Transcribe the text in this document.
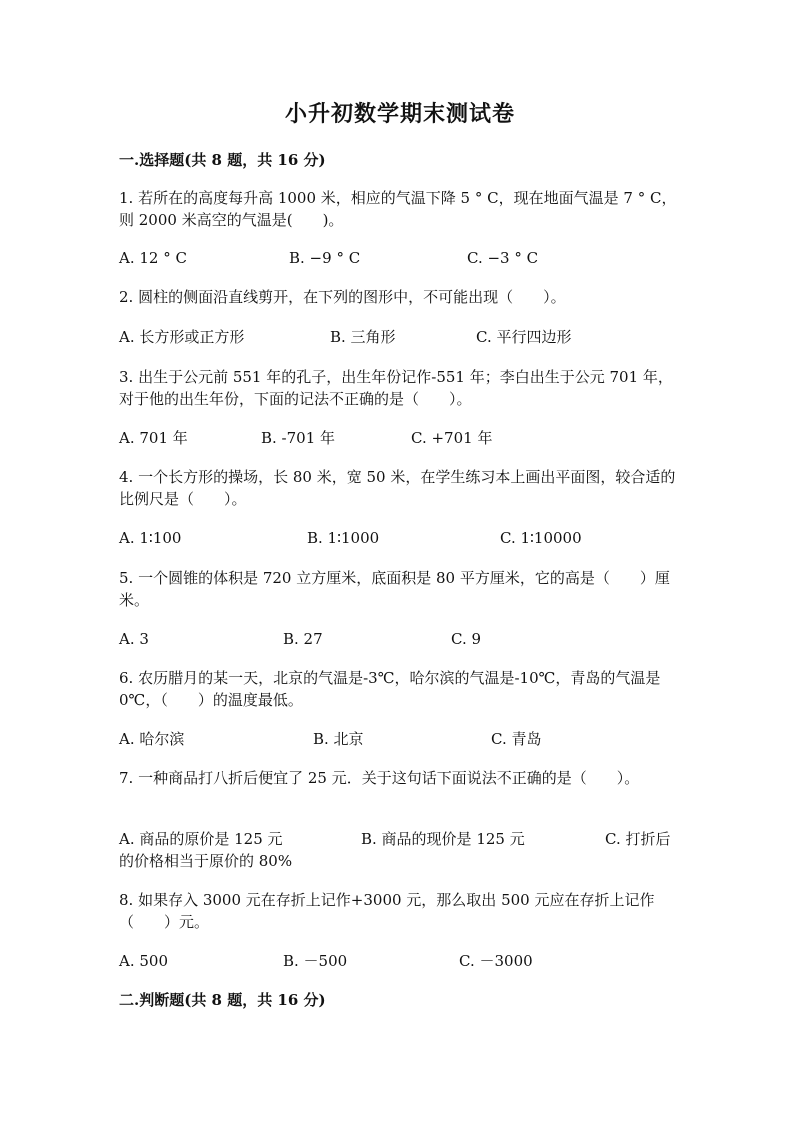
小升初数学期末测试卷
一.选择题(共 8 题，共 16 分)
1. 若所在的高度每升高 1000 米，相应的气温下降 5 ° C，现在地面气温是 7 ° C，则 2000 米高空的气温是(　　)。
A. 12 ° C	B. −9 ° C	C. −3 ° C
2. 圆柱的侧面沿直线剪开，在下列的图形中，不可能出现（　　）。
A. 长方形或正方形	B. 三角形	C. 平行四边形
3. 出生于公元前 551 年的孔子，出生年份记作-551 年；李白出生于公元 701 年，对于他的出生年份，下面的记法不正确的是（　　）。
A. 701 年	B. -701 年	C. +701 年
4. 一个长方形的操场，长 80 米，宽 50 米，在学生练习本上画出平面图，较合适的比例尺是（　　）。
A. 1∶100	B. 1∶1000	C. 1∶10000
5. 一个圆锥的体积是 720 立方厘米，底面积是 80 平方厘米，它的高是（　　）厘米。
A. 3	B. 27	C. 9
6. 农历腊月的某一天，北京的气温是-3℃，哈尔滨的气温是-10℃，青岛的气温是 0℃，（　　）的温度最低。
A. 哈尔滨	B. 北京	C. 青岛
7. 一种商品打八折后便宜了 25 元．关于这句话下面说法不正确的是（　　）。
A. 商品的原价是 125 元	B. 商品的现价是 125 元	C. 打折后
的价格相当于原价的 80%
8. 如果存入 3000 元在存折上记作+3000 元，那么取出 500 元应在存折上记作（　　）元。
A. 500	B. －500	C. －3000
二.判断题(共 8 题，共 16 分)
